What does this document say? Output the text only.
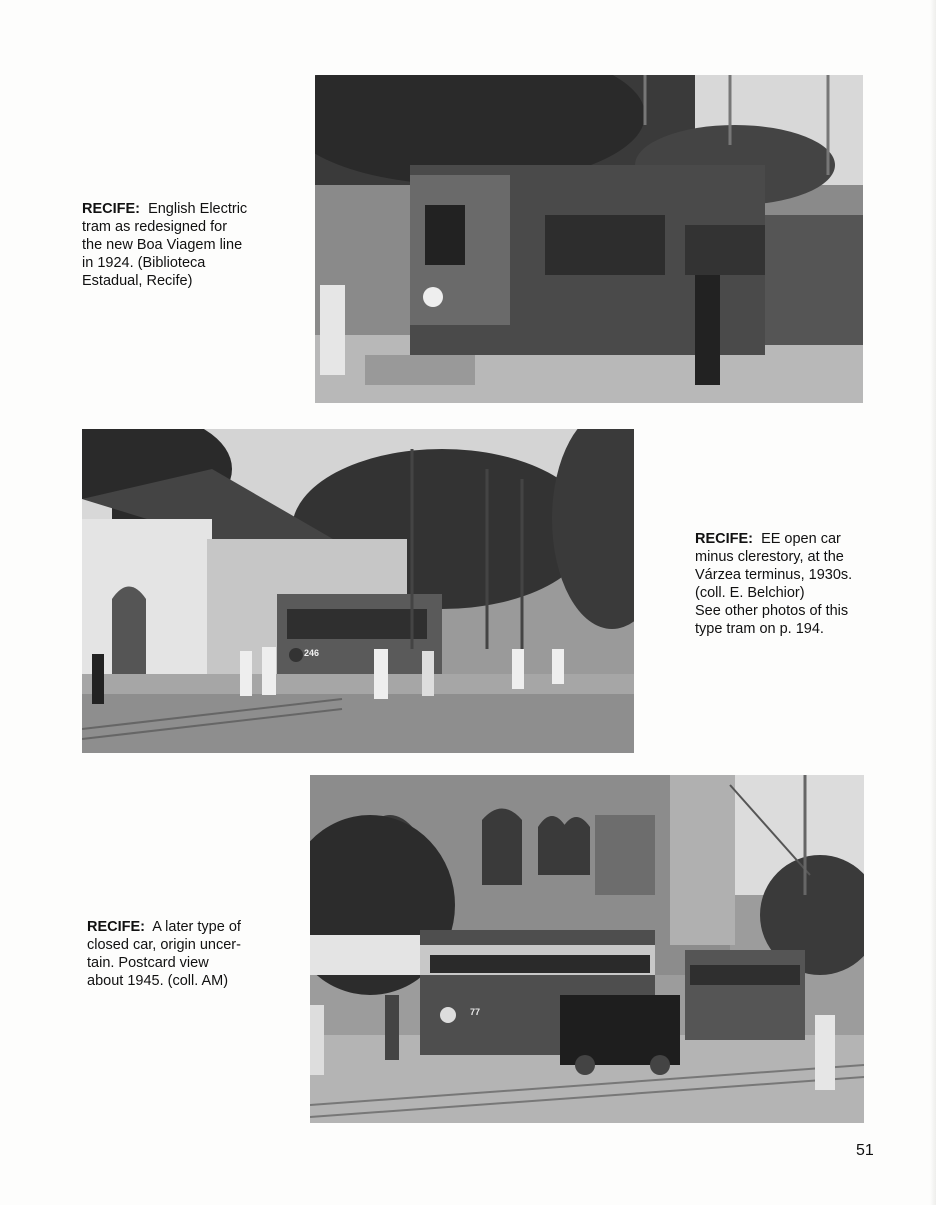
RECIFE: English Electric

tram as redesigned for

the new Boa Viagem line

in 1924. (Biblioteca

Estadual, Recife)

246

RECIFE: EE open car

minus clerestory, at the

Várzea terminus, 1930s.

(coll. E. Belchior)

See other photos of this

type tram on p. 194.

77

RECIFE: A later type of

closed car, origin uncer-

tain. Postcard view

about 1945. (coll. AM)

51
